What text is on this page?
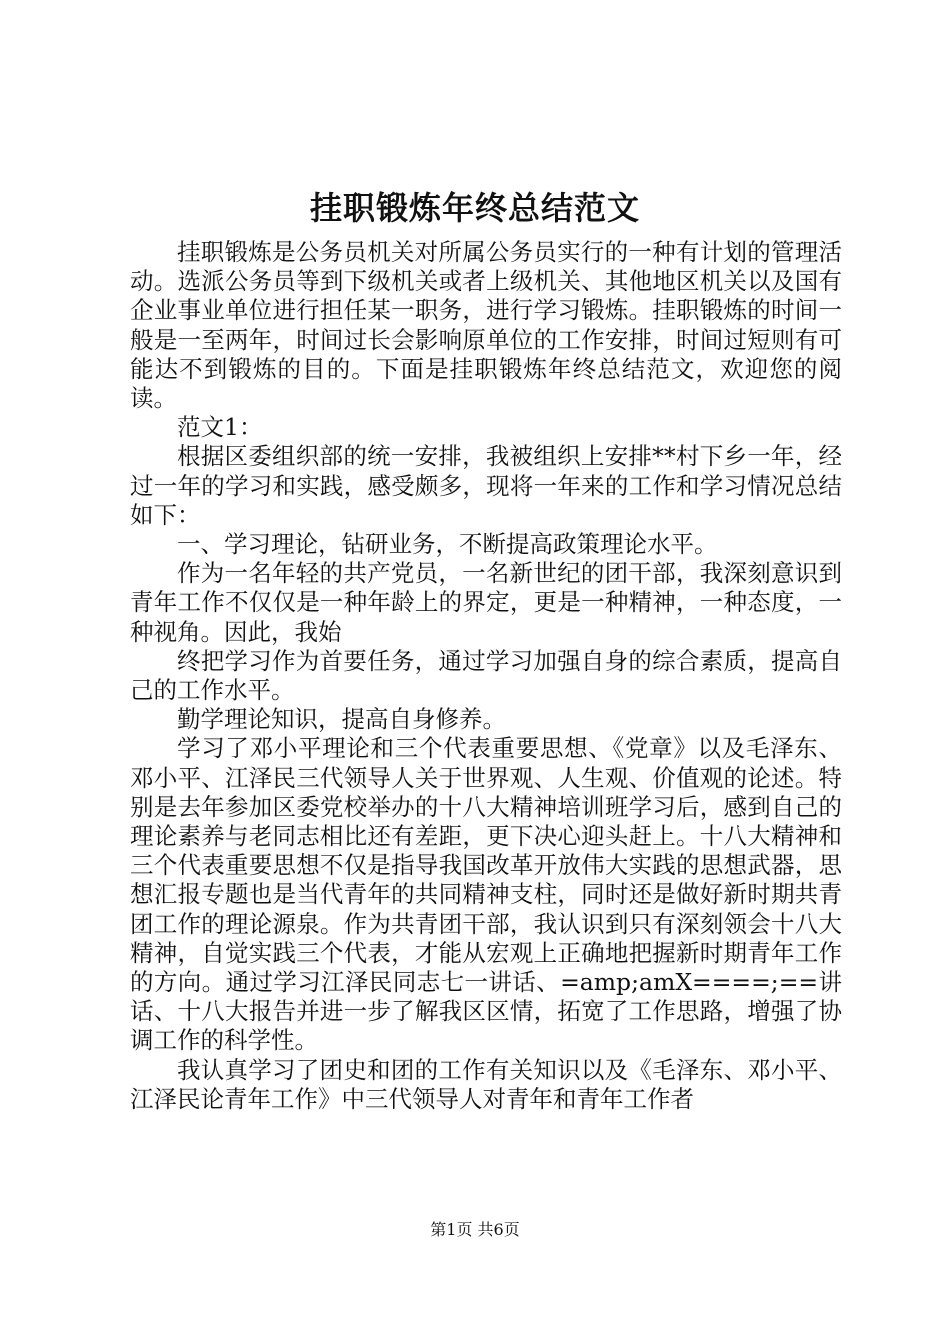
挂职锻炼年终总结范文

挂职锻炼是公务员机关对所属公务员实行的一种有计划的管理活动。选派公务员等到下级机关或者上级机关、其他地区机关以及国有企业事业单位进行担任某一职务，进行学习锻炼。挂职锻炼的时间一般是一至两年，时间过长会影响原单位的工作安排，时间过短则有可能达不到锻炼的目的。下面是挂职锻炼年终总结范文，欢迎您的阅读。

范文1：

根据区委组织部的统一安排，我被组织上安排**村下乡一年，经过一年的学习和实践，感受颇多，现将一年来的工作和学习情况总结如下：

一、学习理论，钻研业务，不断提高政策理论水平。

作为一名年轻的共产党员，一名新世纪的团干部，我深刻意识到青年工作不仅仅是一种年龄上的界定，更是一种精神，一种态度，一种视角。因此，我始

终把学习作为首要任务，通过学习加强自身的综合素质，提高自己的工作水平。

勤学理论知识，提高自身修养。

学习了邓小平理论和三个代表重要思想、《党章》以及毛泽东、邓小平、江泽民三代领导人关于世界观、人生观、价值观的论述。特别是去年参加区委党校举办的十八大精神培训班学习后，感到自己的理论素养与老同志相比还有差距，更下决心迎头赶上。十八大精神和三个代表重要思想不仅是指导我国改革开放伟大实践的思想武器，思想汇报专题也是当代青年的共同精神支柱，同时还是做好新时期共青团工作的理论源泉。作为共青团干部，我认识到只有深刻领会十八大精神，自觉实践三个代表，才能从宏观上正确地把握新时期青年工作的方向。通过学习江泽民同志七一讲话、=amp;amX====;==讲话、十八大报告并进一步了解我区区情，拓宽了工作思路，增强了协调工作的科学性。

我认真学习了团史和团的工作有关知识以及《毛泽东、邓小平、江泽民论青年工作》中三代领导人对青年和青年工作者

第1页 共6页
